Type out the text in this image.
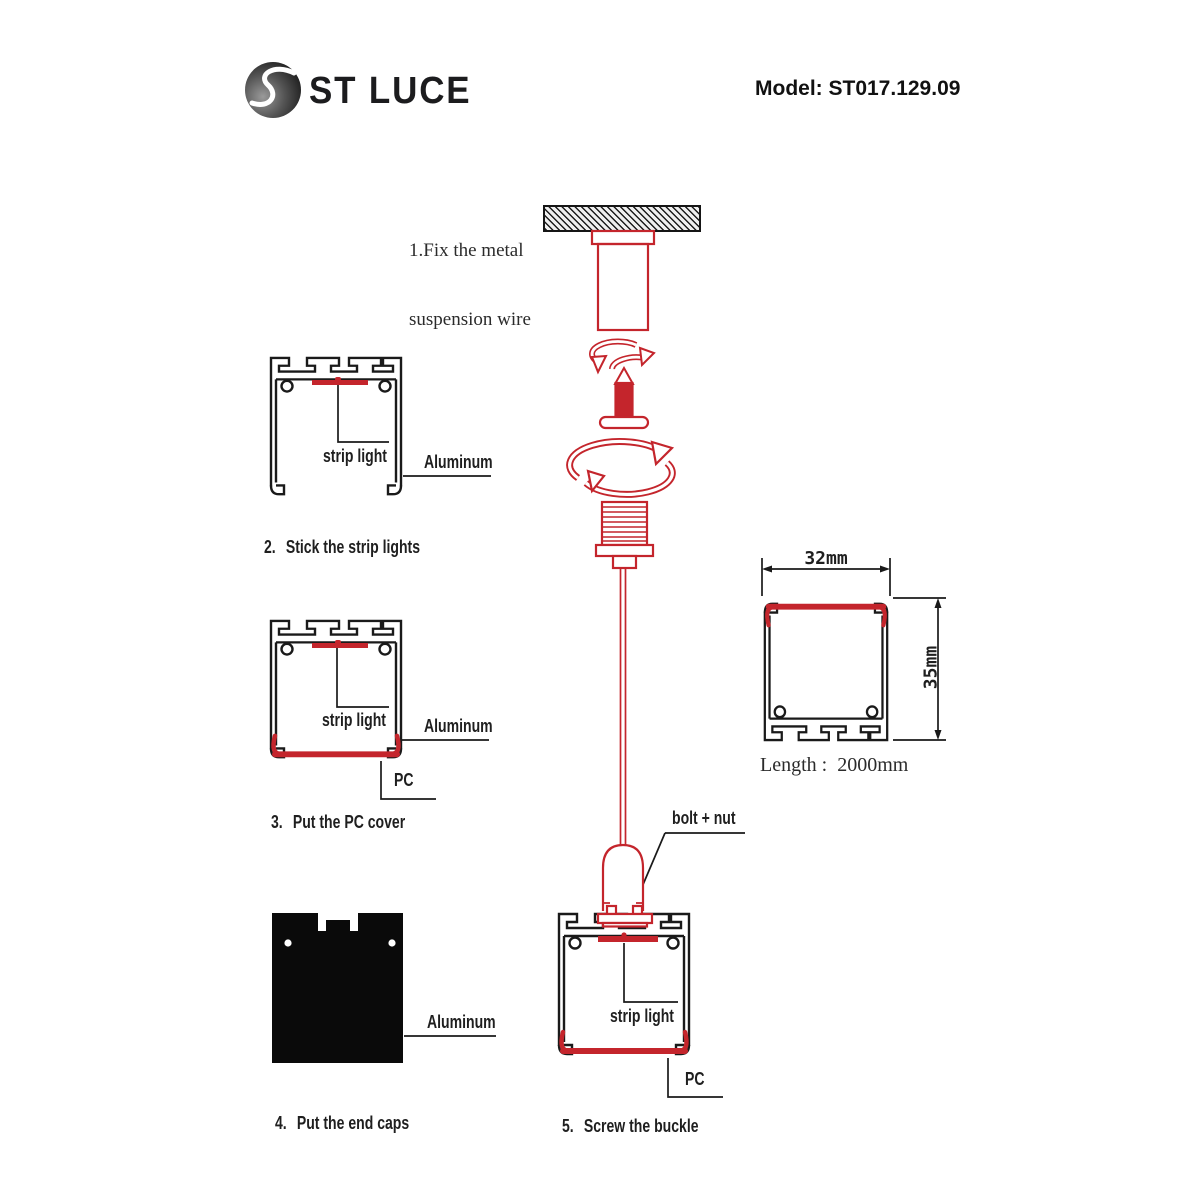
ST LUCE	Model: ST017.129.09

1.Fix the metal

suspension wire

strip light Aluminum
2. Stick the strip lights
strip light Aluminum
PC
3. Put the PC cover
32mm
35mm
Length :  2000mm
Aluminum
4. Put the end caps
bolt + nut
strip light
PC
5. Screw the buckle
